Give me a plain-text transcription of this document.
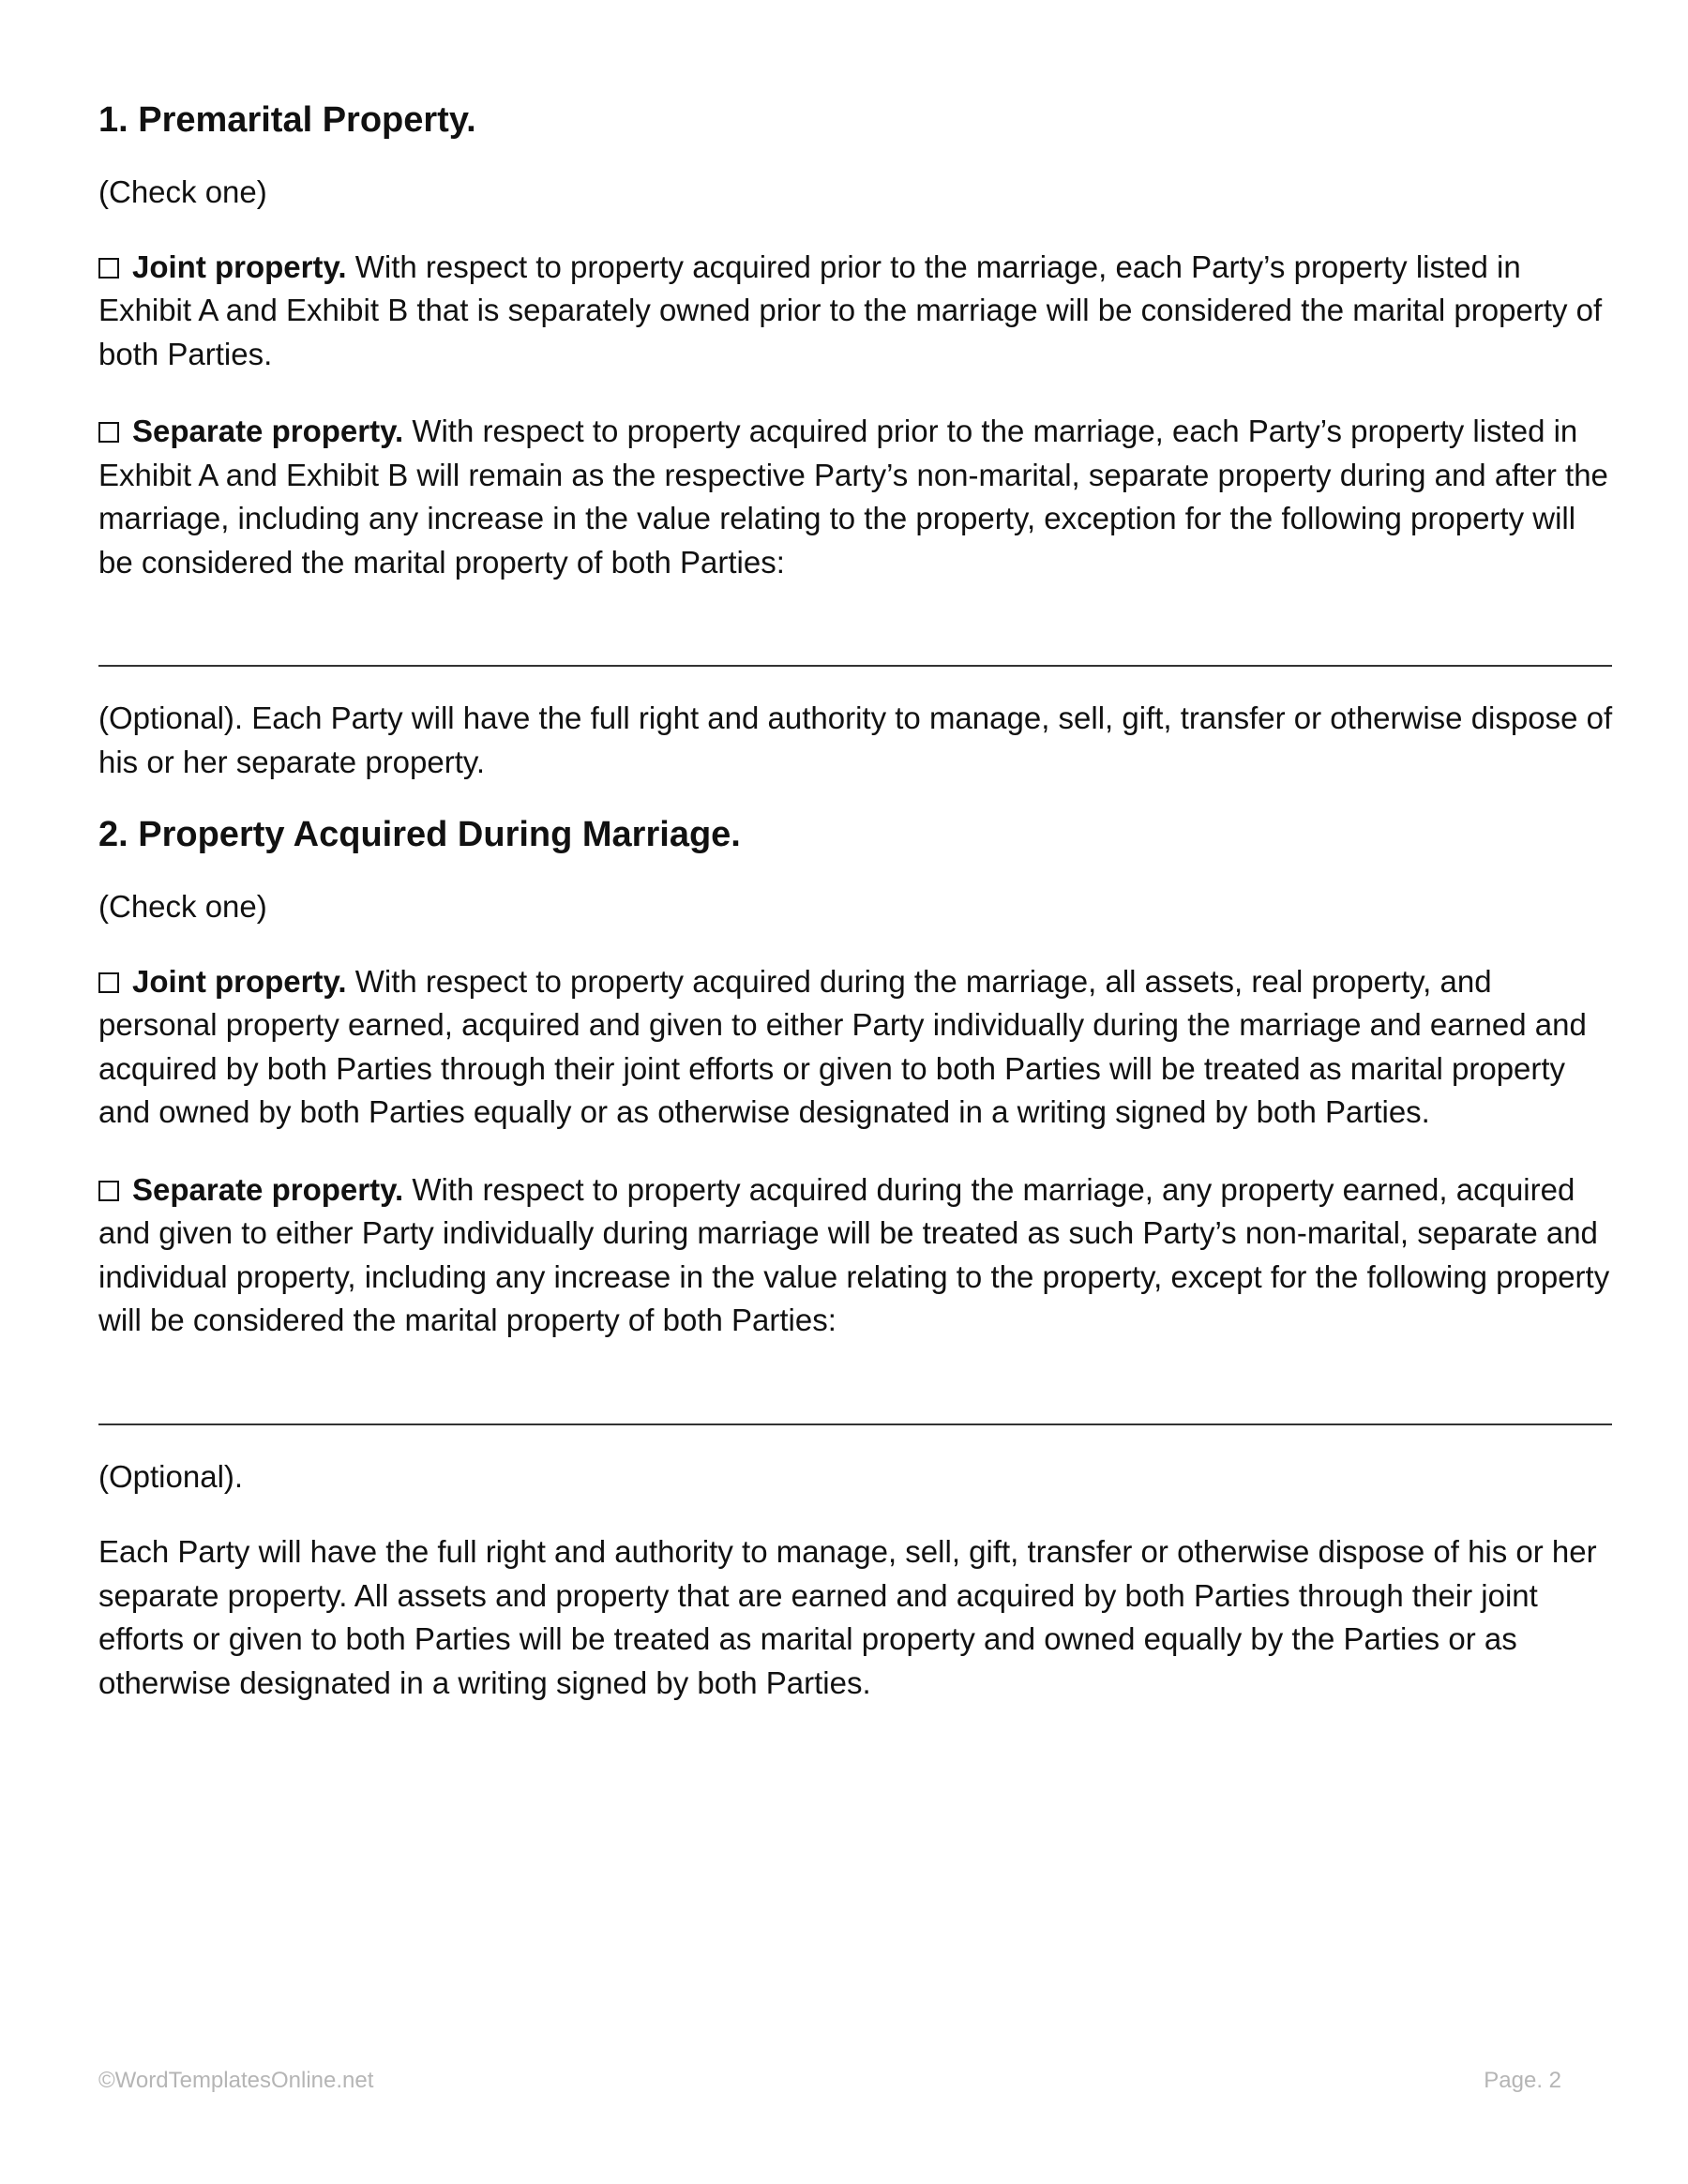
1. Premarital Property.

(Check one)

Joint property. With respect to property acquired prior to the marriage, each Party’s property listed in Exhibit A and Exhibit B that is separately owned prior to the marriage will be considered the marital property of both Parties.

Separate property. With respect to property acquired prior to the marriage, each Party’s property listed in Exhibit A and Exhibit B will remain as the respective Party’s non-marital, separate property during and after the marriage, including any increase in the value relating to the property, exception for the following property will be considered the marital property of both Parties:

(Optional). Each Party will have the full right and authority to manage, sell, gift, transfer or otherwise dispose of his or her separate property.

2. Property Acquired During Marriage.

(Check one)

Joint property. With respect to property acquired during the marriage, all assets, real property, and personal property earned, acquired and given to either Party individually during the marriage and earned and acquired by both Parties through their joint efforts or given to both Parties will be treated as marital property and owned by both Parties equally or as otherwise designated in a writing signed by both Parties.

Separate property. With respect to property acquired during the marriage, any property earned, acquired and given to either Party individually during marriage will be treated as such Party’s non-marital, separate and individual property, including any increase in the value relating to the property, except for the following property will be considered the marital property of both Parties:

(Optional).

Each Party will have the full right and authority to manage, sell, gift, transfer or otherwise dispose of his or her separate property. All assets and property that are earned and acquired by both Parties through their joint efforts or given to both Parties will be treated as marital property and owned equally by the Parties or as otherwise designated in a writing signed by both Parties.

©WordTemplatesOnline.net	Page. 2
